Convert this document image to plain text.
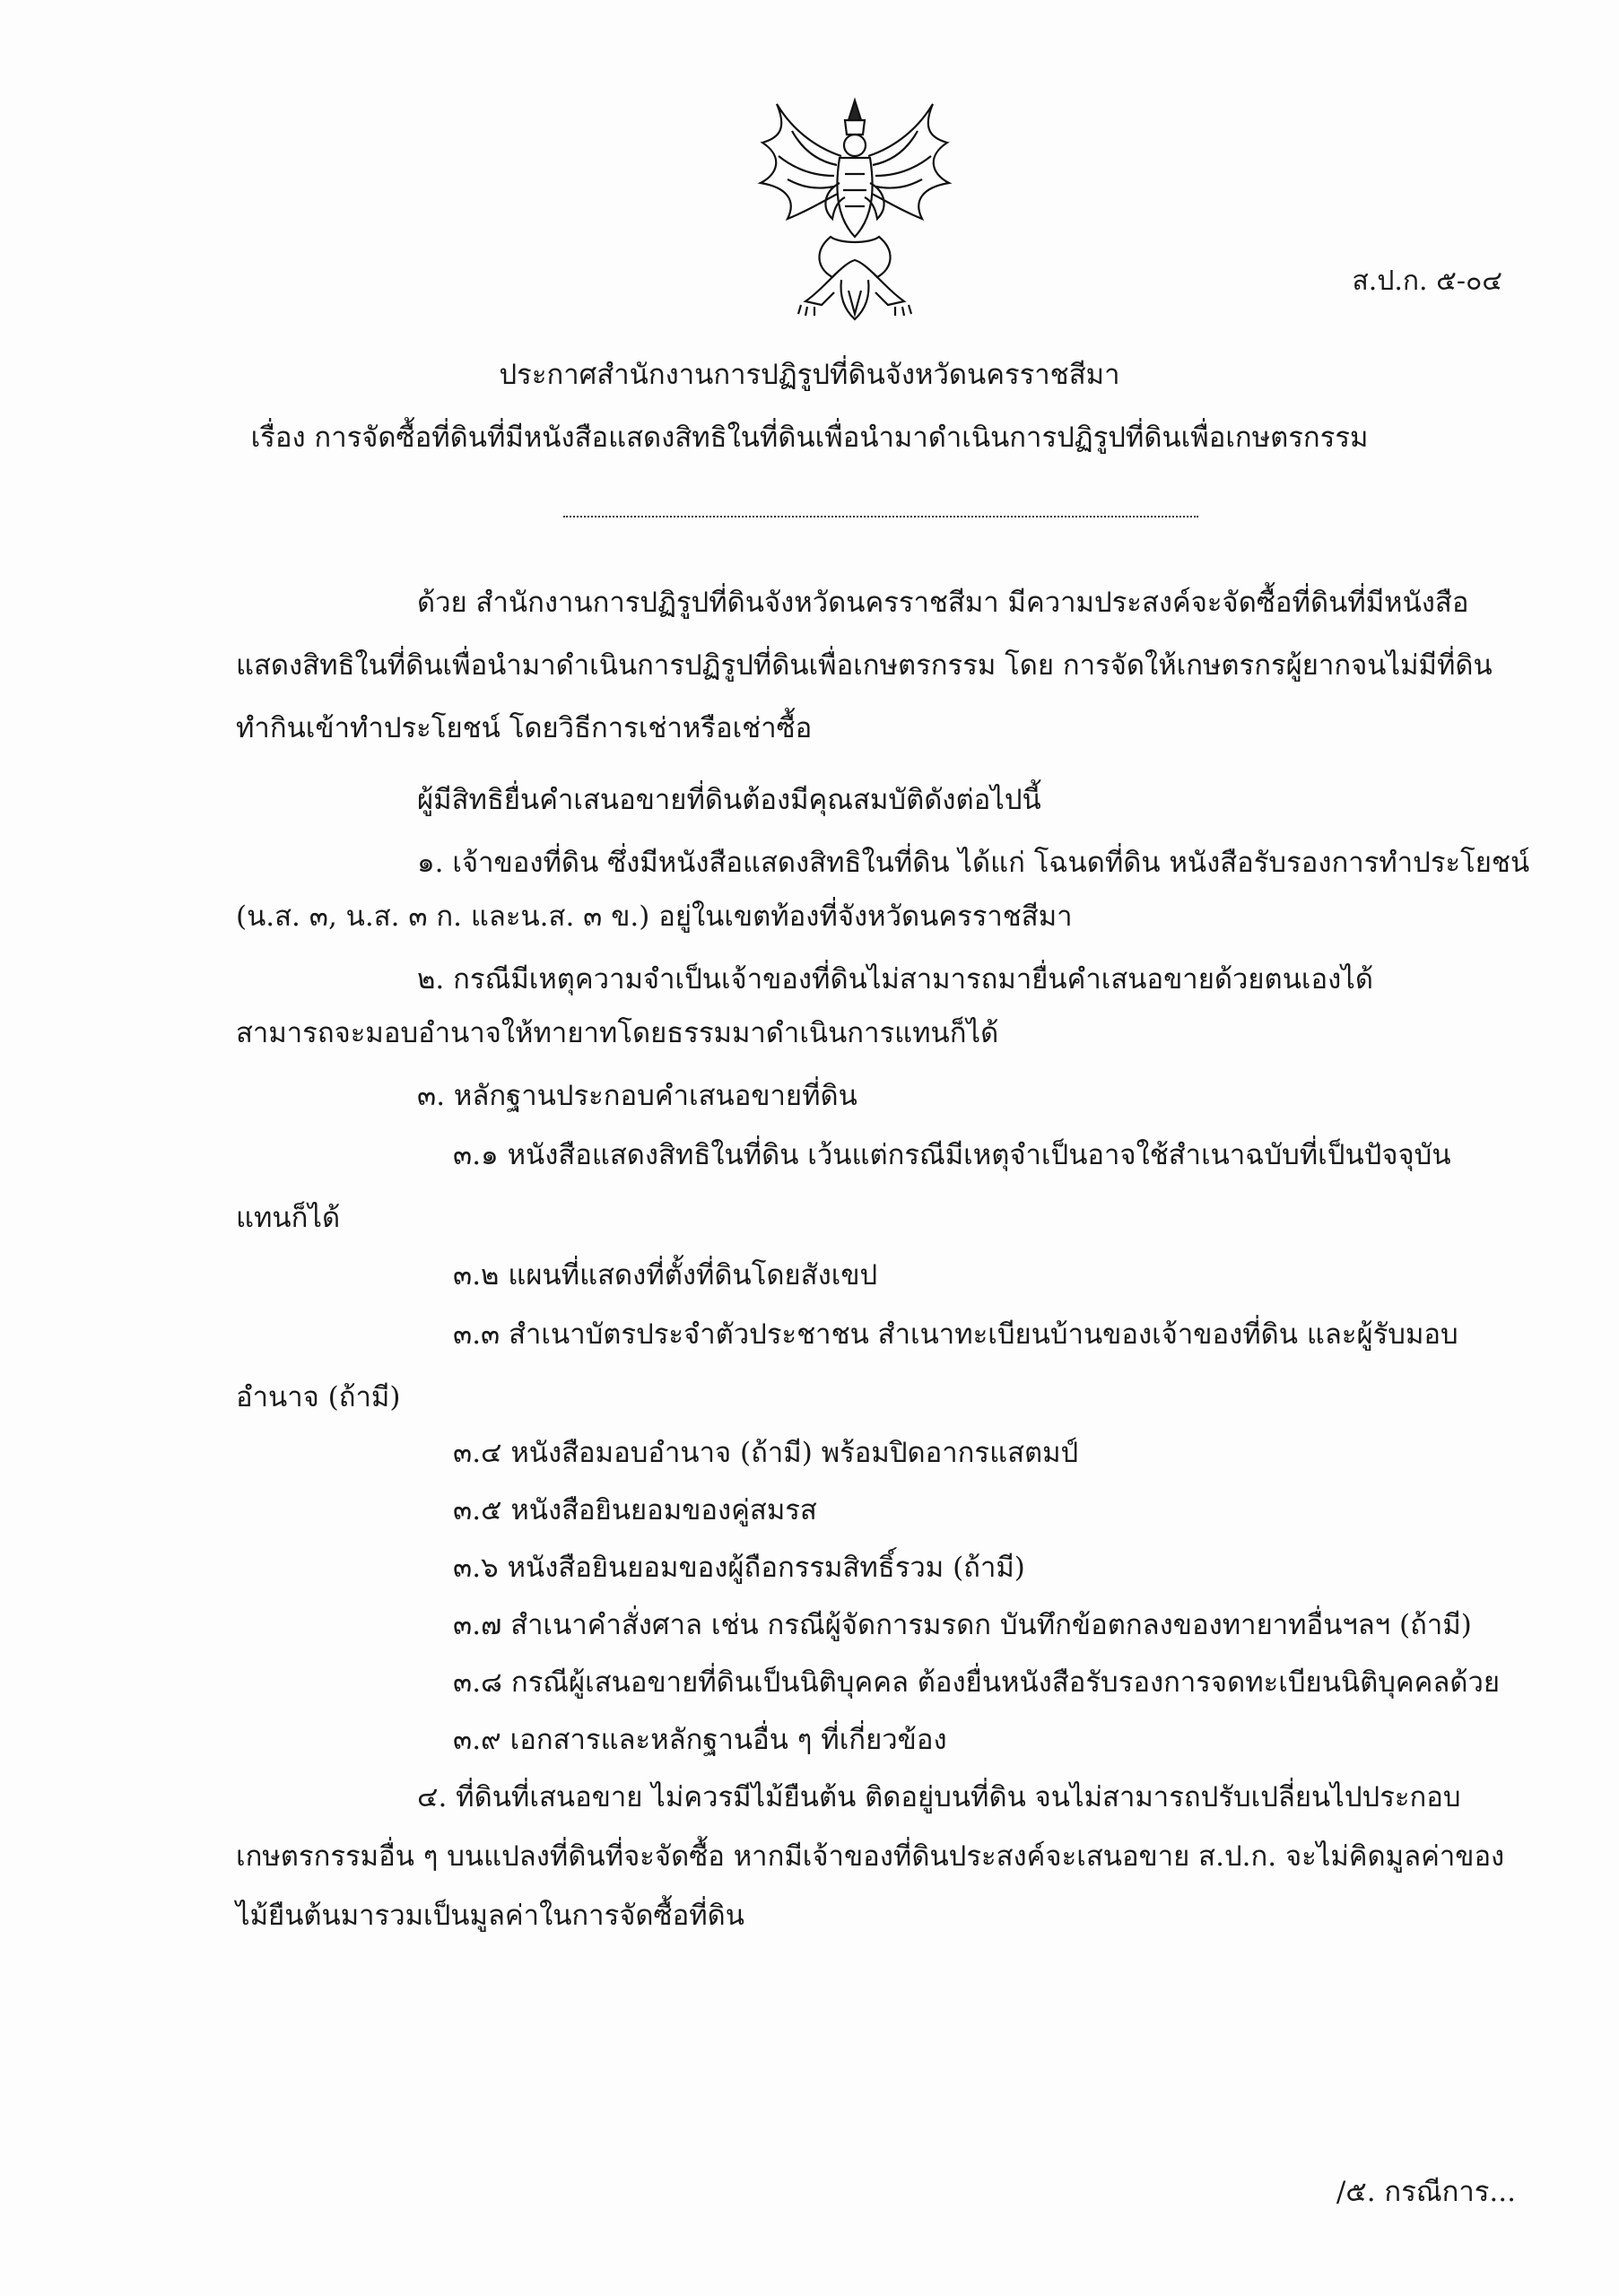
ส.ป.ก. ๕-๐๔
ประกาศสำนักงานการปฏิรูปที่ดินจังหวัดนครราชสีมา
เรื่อง การจัดซื้อที่ดินที่มีหนังสือแสดงสิทธิในที่ดินเพื่อนำมาดำเนินการปฏิรูปที่ดินเพื่อเกษตรกรรม
ด้วย สำนักงานการปฏิรูปที่ดินจังหวัดนครราชสีมา มีความประสงค์จะจัดซื้อที่ดินที่มีหนังสือ
แสดงสิทธิในที่ดินเพื่อนำมาดำเนินการปฏิรูปที่ดินเพื่อเกษตรกรรม โดย การจัดให้เกษตรกรผู้ยากจนไม่มีที่ดิน
ทำกินเข้าทำประโยชน์ โดยวิธีการเช่าหรือเช่าซื้อ
ผู้มีสิทธิยื่นคำเสนอขายที่ดินต้องมีคุณสมบัติดังต่อไปนี้
๑. เจ้าของที่ดิน ซึ่งมีหนังสือแสดงสิทธิในที่ดิน ได้แก่ โฉนดที่ดิน หนังสือรับรองการทำประโยชน์
(น.ส. ๓, น.ส. ๓ ก. และน.ส. ๓ ข.) อยู่ในเขตท้องที่จังหวัดนครราชสีมา
๒. กรณีมีเหตุความจำเป็นเจ้าของที่ดินไม่สามารถมายื่นคำเสนอขายด้วยตนเองได้
สามารถจะมอบอำนาจให้ทายาทโดยธรรมมาดำเนินการแทนก็ได้
๓. หลักฐานประกอบคำเสนอขายที่ดิน
๓.๑ หนังสือแสดงสิทธิในที่ดิน เว้นแต่กรณีมีเหตุจำเป็นอาจใช้สำเนาฉบับที่เป็นปัจจุบัน
แทนก็ได้
๓.๒ แผนที่แสดงที่ตั้งที่ดินโดยสังเขป
๓.๓ สำเนาบัตรประจำตัวประชาชน สำเนาทะเบียนบ้านของเจ้าของที่ดิน และผู้รับมอบ
อำนาจ (ถ้ามี)
๓.๔ หนังสือมอบอำนาจ (ถ้ามี) พร้อมปิดอากรแสตมป์
๓.๕ หนังสือยินยอมของคู่สมรส
๓.๖ หนังสือยินยอมของผู้ถือกรรมสิทธิ์รวม (ถ้ามี)
๓.๗ สำเนาคำสั่งศาล เช่น กรณีผู้จัดการมรดก บันทึกข้อตกลงของทายาทอื่นฯลฯ (ถ้ามี)
๓.๘ กรณีผู้เสนอขายที่ดินเป็นนิติบุคคล ต้องยื่นหนังสือรับรองการจดทะเบียนนิติบุคคลด้วย
๓.๙ เอกสารและหลักฐานอื่น ๆ ที่เกี่ยวข้อง
๔. ที่ดินที่เสนอขาย ไม่ควรมีไม้ยืนต้น ติดอยู่บนที่ดิน จนไม่สามารถปรับเปลี่ยนไปประกอบ
เกษตรกรรมอื่น ๆ บนแปลงที่ดินที่จะจัดซื้อ หากมีเจ้าของที่ดินประสงค์จะเสนอขาย ส.ป.ก. จะไม่คิดมูลค่าของ
ไม้ยืนต้นมารวมเป็นมูลค่าในการจัดซื้อที่ดิน
/๕. กรณีการ...
